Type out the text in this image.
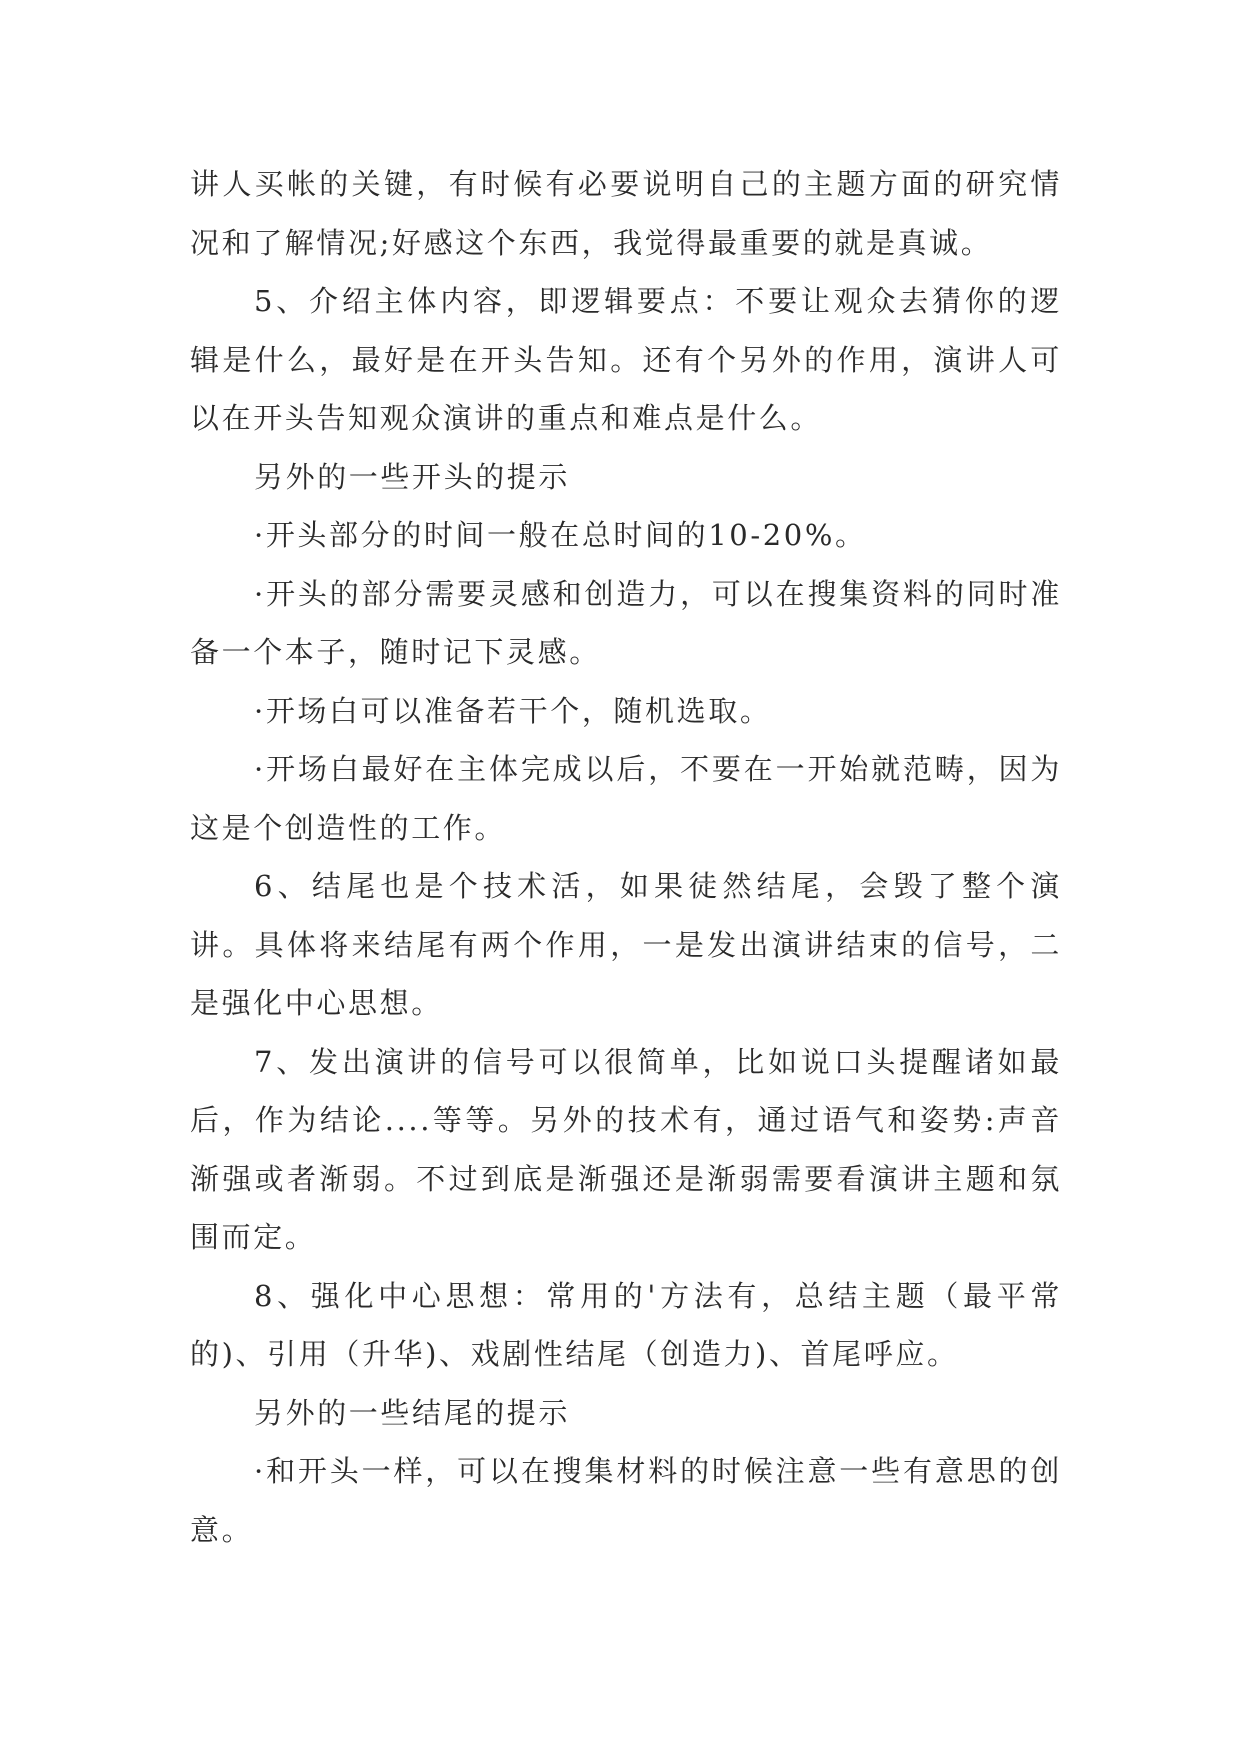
讲人买帐的关键，有时候有必要说明自己的主题方面的研究情况和了解情况;好感这个东西，我觉得最重要的就是真诚。

5、介绍主体内容，即逻辑要点：不要让观众去猜你的逻辑是什么，最好是在开头告知。还有个另外的作用，演讲人可以在开头告知观众演讲的重点和难点是什么。

另外的一些开头的提示

·开头部分的时间一般在总时间的10-20%。

·开头的部分需要灵感和创造力，可以在搜集资料的同时准备一个本子，随时记下灵感。

·开场白可以准备若干个，随机选取。

·开场白最好在主体完成以后，不要在一开始就范畴，因为这是个创造性的工作。

6、结尾也是个技术活，如果徒然结尾，会毁了整个演讲。具体将来结尾有两个作用，一是发出演讲结束的信号，二是强化中心思想。

7、发出演讲的信号可以很简单，比如说口头提醒诸如最后，作为结论....等等。另外的技术有，通过语气和姿势:声音渐强或者渐弱。不过到底是渐强还是渐弱需要看演讲主题和氛围而定。

8、强化中心思想：常用的'方法有，总结主题（最平常的)、引用（升华)、戏剧性结尾（创造力)、首尾呼应。

另外的一些结尾的提示

·和开头一样，可以在搜集材料的时候注意一些有意思的创意。
